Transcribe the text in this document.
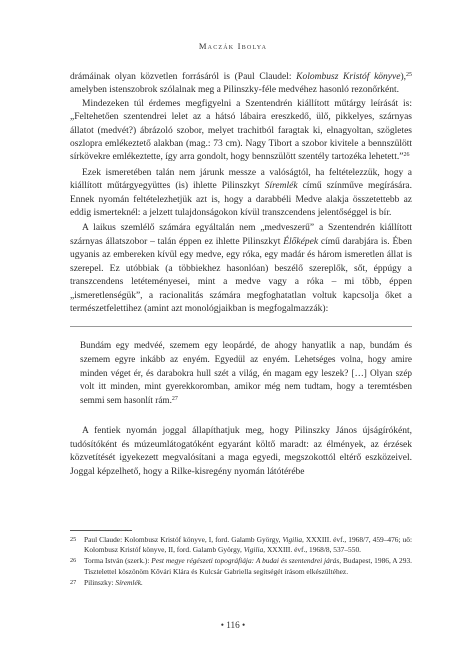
Maczák Ibolya

drámáinak olyan közvetlen forrásáról is (Paul Claudel: Kolombusz Kristóf könyve),$^{25}$ amelyben istenszobrok szólalnak meg a Pilinszky-féle medvéhez hasonló rezonőrként.

Mindezeken túl érdemes megfigyelni a Szentendrén kiállított műtárgy leírását is: „Feltehetően szentendrei lelet az a hátsó lábaira ereszkedő, ülő, pikkelyes, szárnyas állatot (medvét?) ábrázoló szobor, melyet trachitból faragtak ki, elnagyoltan, szögletes oszlopra emlékeztető alakban (mag.: 73 cm). Nagy Tibort a szobor kivitele a bennszülött sírkövekre emlékeztette, így arra gondolt, hogy bennszülött szentély tartozéka lehetett.”$^{26}$

Ezek ismeretében talán nem járunk messze a valóságtól, ha feltételezzük, hogy a kiállított műtárgyegyüttes (is) ihlette Pilinszkyt Síremlék című színműve megírására. Ennek nyomán feltételezhetjük azt is, hogy a darabbéli Medve alakja összetettebb az eddig ismerteknél: a jelzett tulajdonságokon kívül transzcendens jelentőséggel is bír.

A laikus szemlélő számára egyáltalán nem „medveszerű” a Szentendrén kiállított szárnyas állatszobor – talán éppen ez ihlette Pilinszkyt Élőképek című darabjára is. Ében ugyanis az embereken kívül egy medve, egy róka, egy madár és három ismeretlen állat is szerepel. Ez utóbbiak (a többiekhez hasonlóan) beszélő szereplők, sőt, éppúgy a transzcendens letéteményesei, mint a medve vagy a róka – mi több, éppen „ismeretlenségük”, a racionalitás számára megfoghatatlan voltuk kapcsolja őket a természetfelettihez (amint azt monológjaikban is megfogalmazzák):

Bundám egy medvéé, szemem egy leopárdé, de ahogy hanyatlik a nap, bundám és szemem egyre inkább az enyém. Egyedül az enyém. Lehetséges volna, hogy amire minden véget ér, és darabokra hull szét a világ, én magam egy leszek? […] Olyan szép volt itt minden, mint gyerekkoromban, amikor még nem tudtam, hogy a teremtésben semmi sem hasonlít rám.$^{27}$

A fentiek nyomán joggal állapíthatjuk meg, hogy Pilinszky János újságíróként, tudósítóként és múzeumlátogatóként egyaránt költő maradt: az élmények, az érzések közvetítését igyekezett megvalósítani a maga egyedi, megszokottól eltérő eszközeivel. Joggal képzelhető, hogy a Rilke-kisregény nyomán látótérébe

25 Paul Claude: Kolombusz Kristóf könyve, I, ford. Galamb György, Vigilia, XXXIII. évf., 1968/7, 459–476; uő: Kolombusz Kristóf könyve, II, ford. Galamb György, Vigilia, XXXIII. évf., 1968/8, 537–550.
26 Torma István (szerk.): Pest megye régészeti topográfiája: A budai és szentendrei járás, Budapest, 1986, A 293. Tisztelettel köszönöm Kővári Klára és Kulcsár Gabriella segítségét írásom elkészültéhez.
27 Pilinszky: Síremlék.
• 116 •
